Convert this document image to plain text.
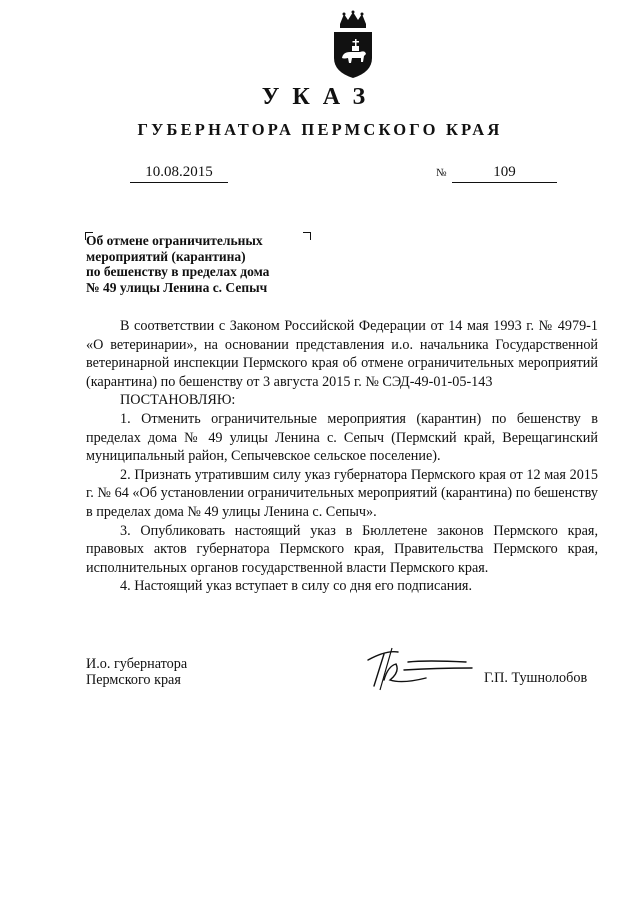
УКАЗ
ГУБЕРНАТОРА ПЕРМСКОГО КРАЯ
10.08.2015	№	109
Об отмене ограничительных
мероприятий (карантина)
по бешенству в пределах дома
№ 49 улицы Ленина с. Сепыч

В соответствии с Законом Российской Федерации от 14 мая 1993 г. № 4979-1 «О ветеринарии», на основании представления и.о. начальника Государственной ветеринарной инспекции Пермского края об отмене ограничительных мероприятий (карантина) по бешенству от 3 августа 2015 г. № СЭД-49-01-05-143

ПОСТАНОВЛЯЮ:

1. Отменить ограничительные мероприятия (карантин) по бешенству в пределах дома № 49 улицы Ленина с. Сепыч (Пермский край, Верещагинский муниципальный район, Сепычевское сельское поселение).

2. Признать утратившим силу указ губернатора Пермского края от 12 мая 2015 г. № 64 «Об установлении ограничительных мероприятий (карантина) по бешенству в пределах дома № 49 улицы Ленина с. Сепыч».

3. Опубликовать настоящий указ в Бюллетене законов Пермского края, правовых актов губернатора Пермского края, Правительства Пермского края, исполнительных органов государственной власти Пермского края.

4. Настоящий указ вступает в силу со дня его подписания.

И.о. губернатора
Пермского края	Г.П. Тушнолобов
